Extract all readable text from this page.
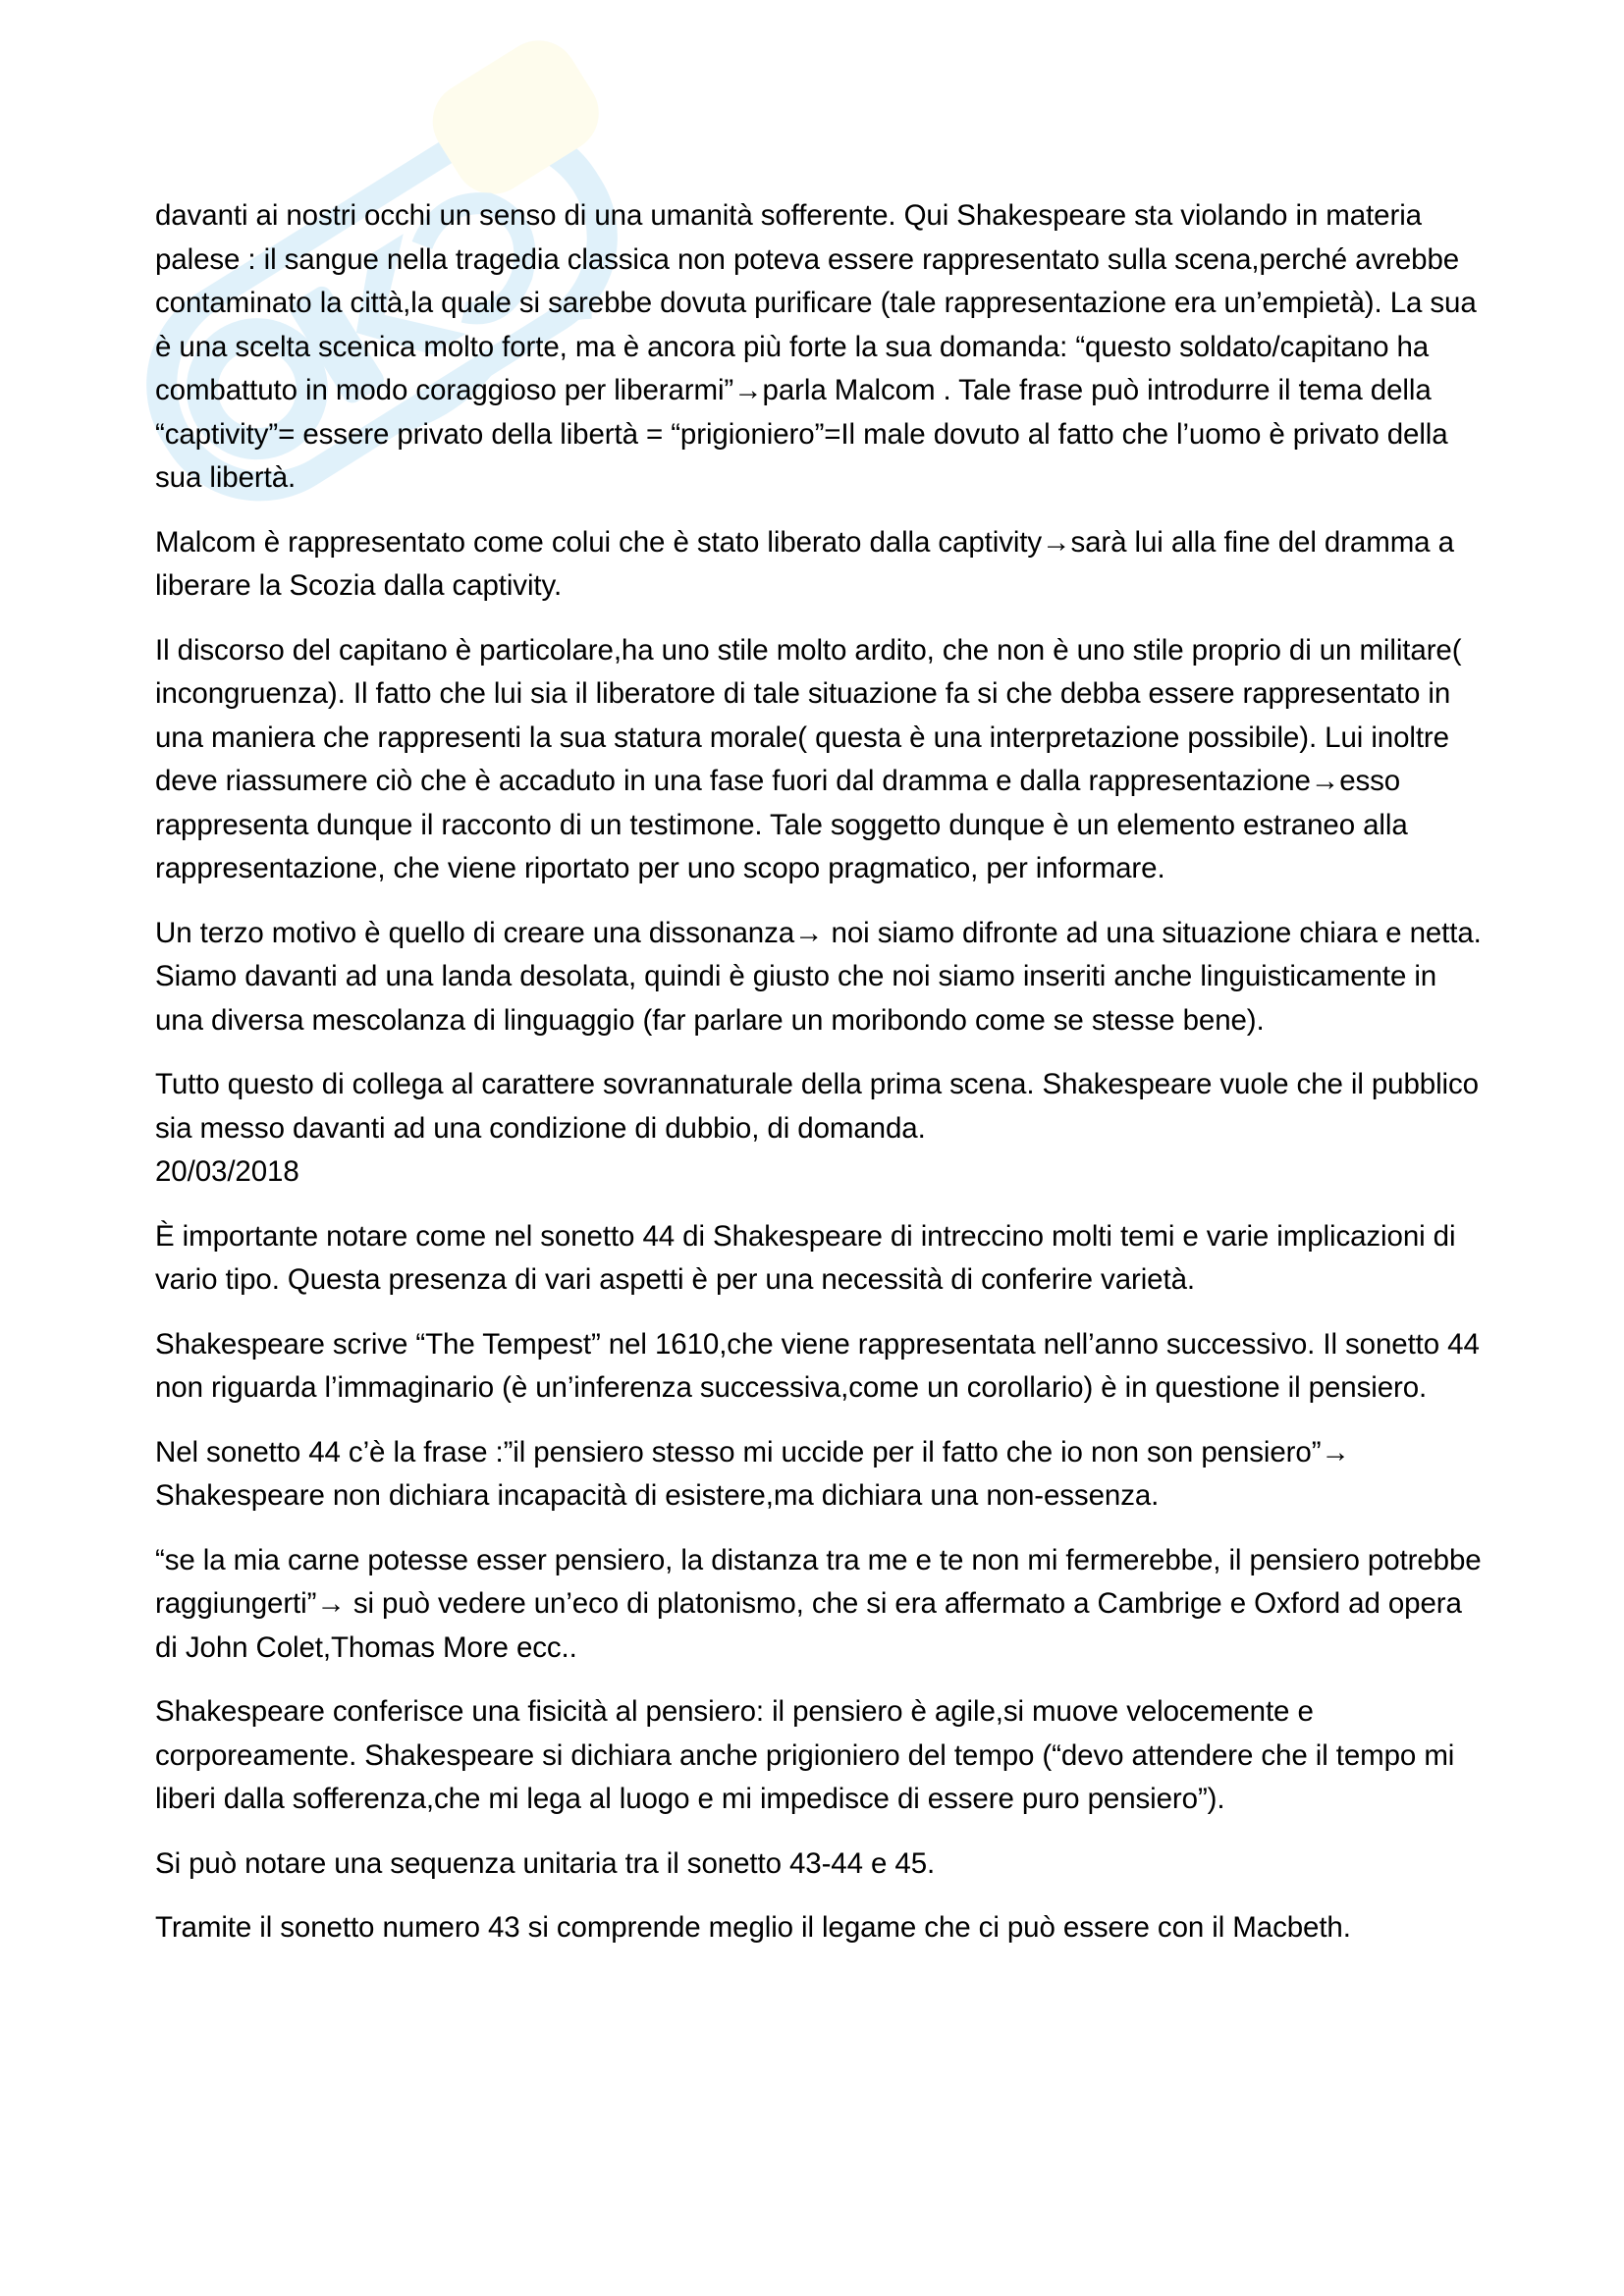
davanti ai nostri occhi un senso di una umanità sofferente. Qui Shakespeare sta violando in materia palese : il sangue nella tragedia classica non poteva essere rappresentato sulla scena,perché avrebbe contaminato la città,la quale si sarebbe dovuta purificare (tale rappresentazione era un’empietà). La sua è una scelta scenica molto forte, ma è ancora più forte la sua domanda: “questo soldato/capitano ha combattuto in modo coraggioso per liberarmi”→parla Malcom . Tale frase può introdurre il tema della “captivity”= essere privato della libertà = “prigioniero”=Il male dovuto al fatto che l’uomo è privato della sua libertà.

Malcom è rappresentato come colui che è stato liberato dalla captivity→sarà lui alla fine del dramma a liberare la Scozia dalla captivity.

Il discorso del capitano è particolare,ha uno stile molto ardito, che non è uno stile proprio di un militare( incongruenza). Il fatto che lui sia il liberatore di tale situazione fa si che debba essere rappresentato in una maniera che rappresenti la sua statura morale( questa è una interpretazione possibile). Lui inoltre deve riassumere ciò che è accaduto in una fase fuori dal dramma e dalla rappresentazione→esso rappresenta dunque il racconto di un testimone. Tale soggetto dunque è un elemento estraneo alla rappresentazione, che viene riportato per uno scopo pragmatico, per informare.

Un terzo motivo è quello di creare una dissonanza→ noi siamo difronte ad una situazione chiara e netta. Siamo davanti ad una landa desolata, quindi è giusto che noi siamo inseriti anche linguisticamente in una diversa mescolanza di linguaggio (far parlare un moribondo come se stesse bene).

Tutto questo di collega al carattere sovrannaturale della prima scena. Shakespeare vuole che il pubblico sia messo davanti ad una condizione di dubbio, di domanda.

20/03/2018

È importante notare come nel sonetto 44 di Shakespeare di intreccino molti temi e varie implicazioni di vario tipo. Questa presenza di vari aspetti è per una necessità di conferire varietà.

Shakespeare scrive “The Tempest” nel 1610,che viene rappresentata nell’anno successivo. Il sonetto 44 non riguarda l’immaginario (è un’inferenza successiva,come un corollario) è in questione il pensiero.

Nel sonetto 44 c’è la frase :”il pensiero stesso mi uccide per il fatto che io non son pensiero”→ Shakespeare non dichiara incapacità di esistere,ma dichiara una non-essenza.

“se la mia carne potesse esser pensiero, la distanza tra me e te non mi fermerebbe, il pensiero potrebbe raggiungerti”→ si può vedere un’eco di platonismo, che si era affermato a Cambrige e Oxford ad opera di John Colet,Thomas More ecc..

Shakespeare conferisce una fisicità al pensiero: il pensiero è agile,si muove velocemente e corporeamente. Shakespeare si dichiara anche prigioniero del tempo (“devo attendere che il tempo mi liberi dalla sofferenza,che mi lega al luogo e mi impedisce di essere puro pensiero”).

Si può notare una sequenza unitaria tra il sonetto 43-44 e 45.

Tramite il sonetto numero 43 si comprende meglio il legame che ci può essere con il Macbeth.
